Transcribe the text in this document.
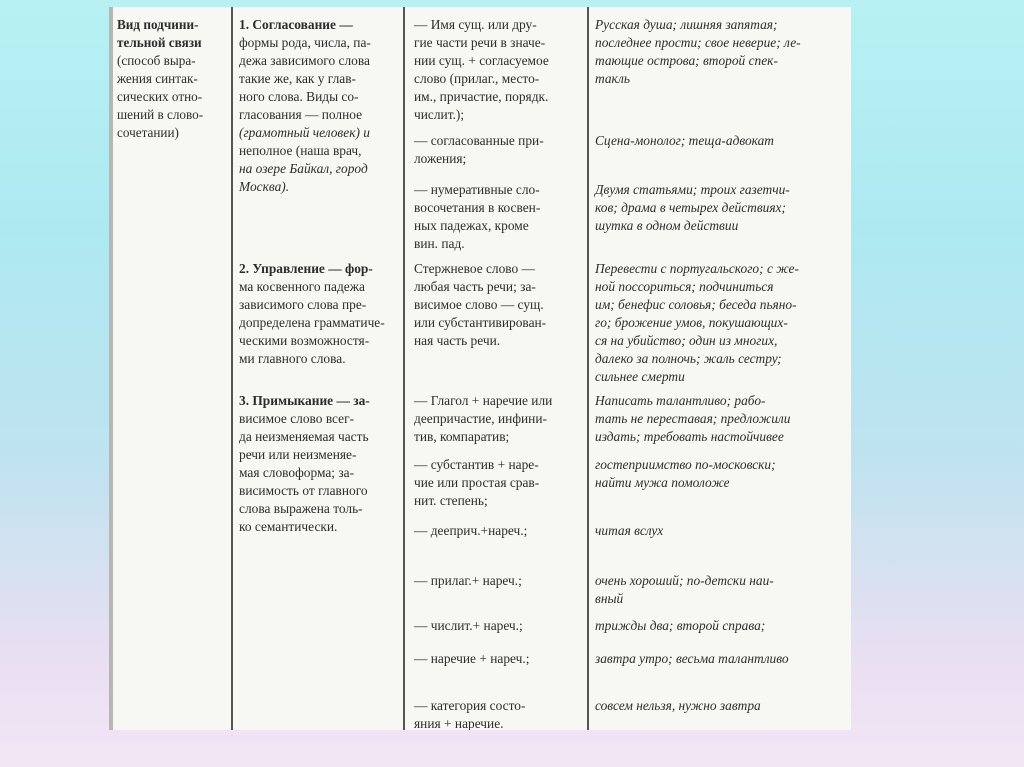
Вид подчини-
тельной связи
(способ выра-
жения синтак-
сических отно-
шений в слово-
сочетании)
1. Согласование —
формы рода, числа, па-
дежа зависимого слова
такие же, как у глав-
ного слова. Виды со-
гласования — полное
(грамотный человек) и
неполное (наша врач,
на озере Байкал, город
Москва).
2. Управление — фор-
ма косвенного падежа
зависимого слова пре-
допределена грамматиче-
ческими возможностя-
ми главного слова.
3. Примыкание — за-
висимое слово всег-
да неизменяемая часть
речи или неизменяе-
мая словоформа; за-
висимость от главного
слова выражена толь-
ко семантически.
— Имя сущ. или дру-
гие части речи в значе-
нии сущ. + согласуемое
слово (прилаг., место-
им., причастие, порядк.
числит.);
— согласованные при-
ложения;
— нумеративные сло-
восочетания в косвен-
ных падежах, кроме
вин. пад.
Стержневое слово —
любая часть речи; за-
висимое слово — сущ.
или субстантивирован-
ная часть речи.
— Глагол + наречие или
деепричастие, инфини-
тив, компаратив;
— субстантив + наре-
чие или простая срав-
нит. степень;
— дееприч.+нареч.;
— прилаг.+ нареч.;
— числит.+ нареч.;
— наречие + нареч.;
— категория состо-
яния + наречие.
Русская душа; лишняя запятая;
последнее прости; свое неверие; ле-
тающие острова; второй спек-
такль
Сцена-монолог; теща-адвокат
Двумя статьями; троих газетчи-
ков; драма в четырех действиях;
шутка в одном действии
Перевести с португальского; с же-
ной поссориться; подчиниться
им; бенефис соловья; беседа пьяно-
го; брожение умов, покушающих-
ся на убийство; один из многих,
далеко за полночь; жаль сестру;
сильнее смерти
Написать талантливо; рабо-
тать не переставая; предложили
издать; требовать настойчивее
гостеприимство по-московски;
найти мужа помоложе
читая вслух
очень хороший; по-детски наи-
вный
трижды два; второй справа;
завтра утро; весьма талантливо
совсем нельзя, нужно завтра
